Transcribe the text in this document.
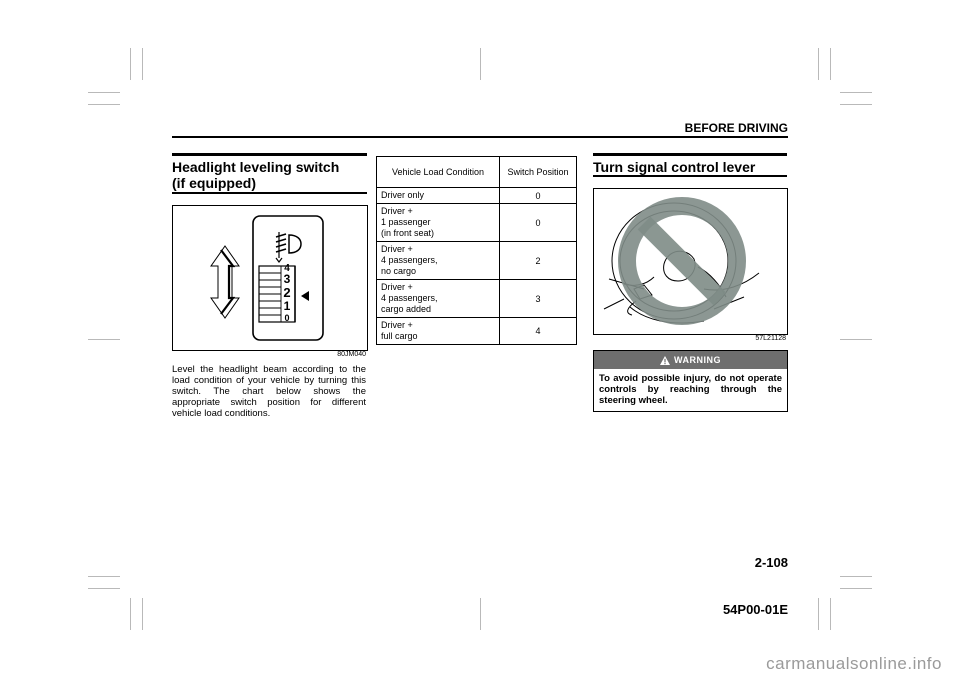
BEFORE DRIVING
Headlight leveling switch
(if equipped)
4
3
2
1
0
80JM040
Level the headlight beam according to the load condition of your vehicle by turning this switch. The chart below shows the appropriate switch position for different vehicle load conditions.
Vehicle Load Condition	Switch Position
Driver only	0
Driver +
1 passenger
(in front seat)	0
Driver +
4 passengers,
no cargo	2
Driver +
4 passengers,
cargo added	3
Driver +
full cargo	4
Turn signal control lever
57L21128
WARNING
To avoid possible injury, do not operate controls by reaching through the steering wheel.
2-108
54P00-01E
carmanualsonline.info
